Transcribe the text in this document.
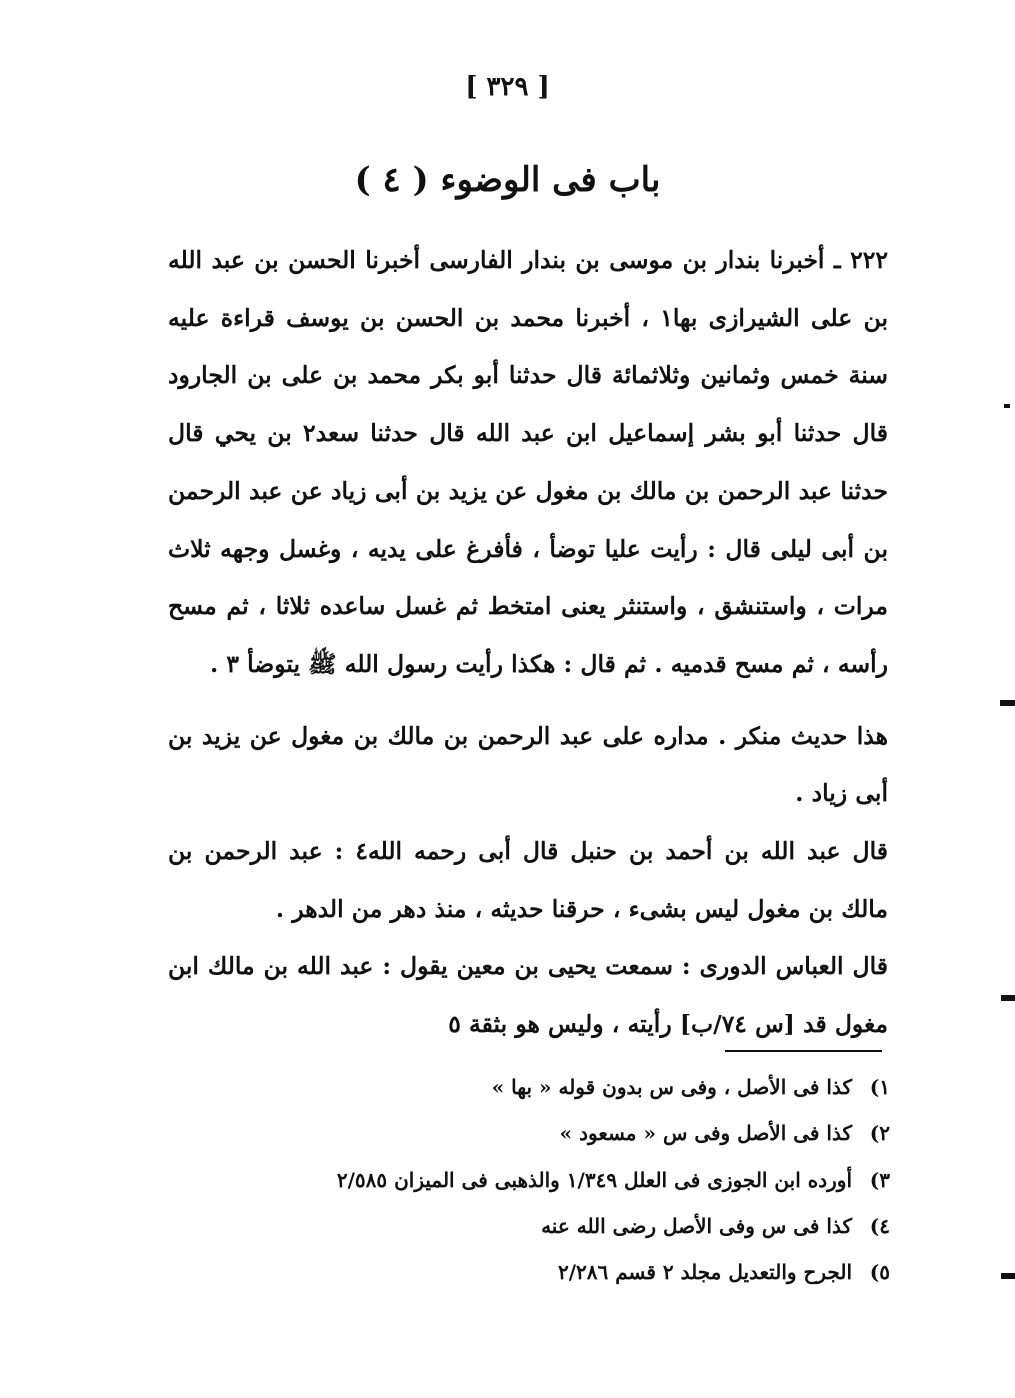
[ ٣٢٩ ]
( ٤ ) باب فى الوضوء

٢٢٢ ـ أخبرنا بندار بن موسى بن بندار الفارسى أخبرنا الحسن بن عبد الله بن على الشيرازى بها١ ، أخبرنا محمد بن الحسن بن يوسف قراءة عليه سنة خمس وثمانين وثلاثمائة قال حدثنا أبو بكر محمد بن على بن الجارود قال حدثنا أبو بشر إسماعيل ابن عبد الله قال حدثنا سعد٢ بن يحي قال حدثنا عبد الرحمن بن مالك بن مغول عن يزيد بن أبى زياد عن عبد الرحمن بن أبى ليلى قال : رأيت عليا توضأ ، فأفرغ على يديه ، وغسل وجهه ثلاث مرات ، واستنشق ، واستنثر يعنى امتخط ثم غسل ساعده ثلاثا ، ثم مسح رأسه ، ثم مسح قدميه . ثم قال : هكذا رأيت رسول الله ﷺ يتوضأ ٣ .

هذا حديث منكر . مداره على عبد الرحمن بن مالك بن مغول عن يزيد بن أبى زياد .

قال عبد الله بن أحمد بن حنبل قال أبى رحمه الله٤ : عبد الرحمن بن مالك بن مغول ليس بشىء ، حرقنا حديثه ، منذ دهر من الدهر .

قال العباس الدورى : سمعت يحيى بن معين يقول : عبد الله بن مالك ابن مغول قد [س ٧٤/ب] رأيته ، وليس هو بثقة ٥

١)كذا فى الأصل ، وفى س بدون قوله « بها »
٢)كذا فى الأصل وفى س « مسعود »
٣)أورده ابن الجوزى فى العلل ١/٣٤٩ والذهبى فى الميزان ٢/٥٨٥
٤)كذا فى س وفى الأصل رضى الله عنه
٥)الجرح والتعديل مجلد ٢ قسم ٢/٢٨٦
